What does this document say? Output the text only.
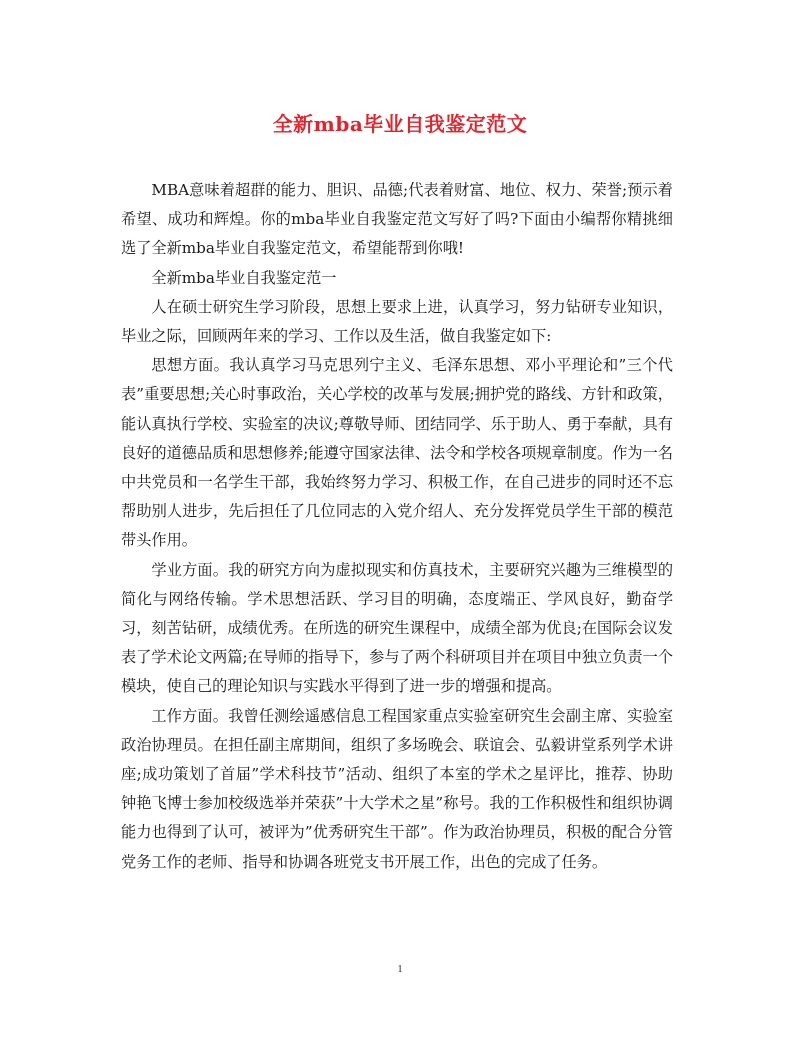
全新mba毕业自我鉴定范文

MBA意味着超群的能力、胆识、品德;代表着财富、地位、权力、荣誉;预示着希望、成功和辉煌。你的mba毕业自我鉴定范文写好了吗?下面由小编帮你精挑细选了全新mba毕业自我鉴定范文，希望能帮到你哦!

全新mba毕业自我鉴定范一

人在硕士研究生学习阶段，思想上要求上进，认真学习，努力钻研专业知识，毕业之际，回顾两年来的学习、工作以及生活，做自我鉴定如下:

思想方面。我认真学习马克思列宁主义、毛泽东思想、邓小平理论和”三个代表”重要思想;关心时事政治，关心学校的改革与发展;拥护党的路线、方针和政策，能认真执行学校、实验室的决议;尊敬导师、团结同学、乐于助人、勇于奉献，具有良好的道德品质和思想修养;能遵守国家法律、法令和学校各项规章制度。作为一名中共党员和一名学生干部，我始终努力学习、积极工作，在自己进步的同时还不忘帮助别人进步，先后担任了几位同志的入党介绍人、充分发挥党员学生干部的模范带头作用。

学业方面。我的研究方向为虚拟现实和仿真技术，主要研究兴趣为三维模型的简化与网络传输。学术思想活跃、学习目的明确，态度端正、学风良好，勤奋学习，刻苦钻研，成绩优秀。在所选的研究生课程中，成绩全部为优良;在国际会议发表了学术论文两篇;在导师的指导下，参与了两个科研项目并在项目中独立负责一个模块，使自己的理论知识与实践水平得到了进一步的增强和提高。

工作方面。我曾任测绘遥感信息工程国家重点实验室研究生会副主席、实验室政治协理员。在担任副主席期间，组织了多场晚会、联谊会、弘毅讲堂系列学术讲座;成功策划了首届”学术科技节”活动、组织了本室的学术之星评比，推荐、协助钟艳飞博士参加校级选举并荣获”十大学术之星”称号。我的工作积极性和组织协调能力也得到了认可，被评为”优秀研究生干部”。作为政治协理员，积极的配合分管党务工作的老师、指导和协调各班党支书开展工作，出色的完成了任务。

1
